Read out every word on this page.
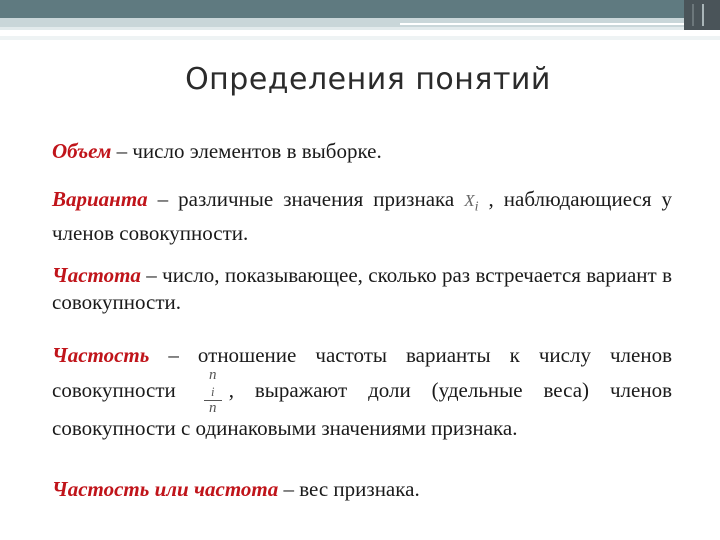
Определения понятий

Объем – число элементов в выборке.

Варианта – различные значения признака $X_i$ , наблюдающиеся у членов совокупности.

Частота – число, показывающее, сколько раз встречается вариант в совокупности.

Частость – отношение частоты варианты к числу членов совокупности n
$_i$
n , выражают доли (удельные веса) членов совокупности с одинаковыми значениями признака.

Частость или частота – вес признака.
